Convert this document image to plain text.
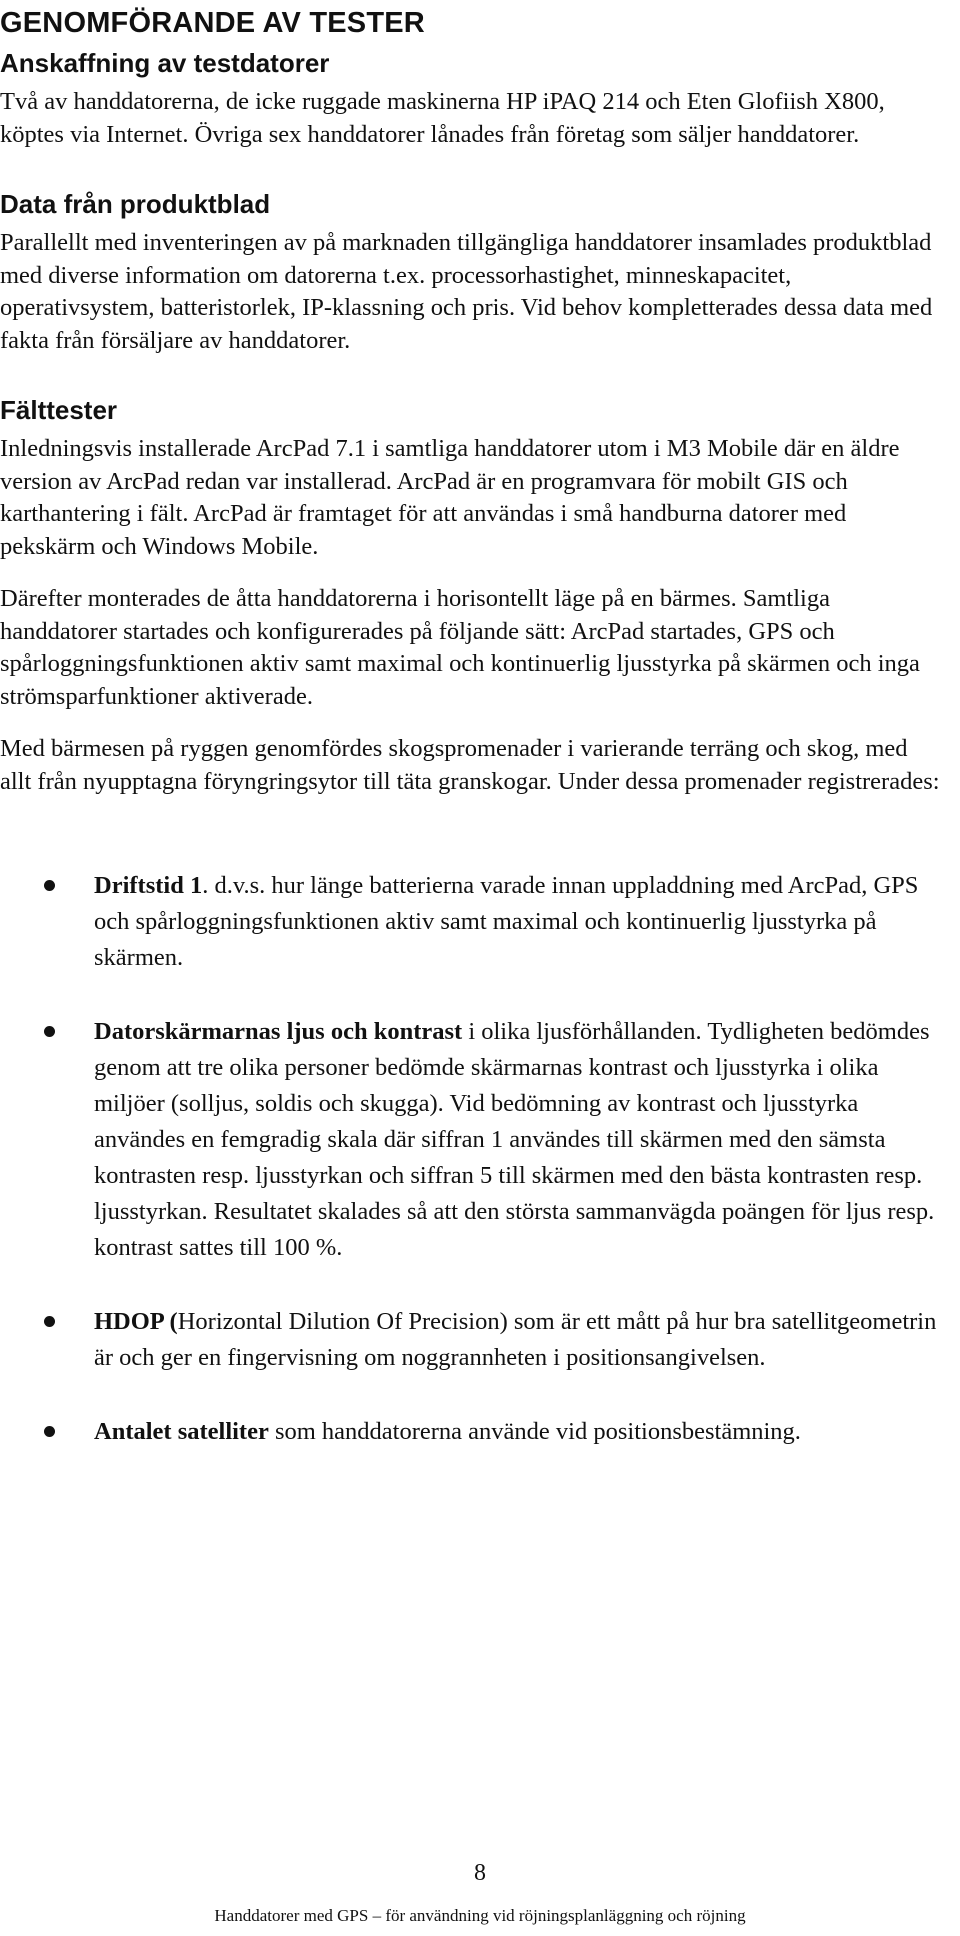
GENOMFÖRANDE AV TESTER
Anskaffning av testdatorer

Två av handdatorerna, de icke ruggade maskinerna HP iPAQ 214 och Eten Glofiish X800, köptes via Internet. Övriga sex handdatorer lånades från företag som säljer handdatorer.

Data från produktblad

Parallellt med inventeringen av på marknaden tillgängliga handdatorer insamlades produktblad med diverse information om datorerna t.ex. processorhastighet, minneskapacitet, operativsystem, batteristorlek, IP-klassning och pris. Vid behov kompletterades dessa data med fakta från försäljare av handdatorer.

Fälttester

Inledningsvis installerade ArcPad 7.1 i samtliga handdatorer utom i M3 Mobile där en äldre version av ArcPad redan var installerad. ArcPad är en programvara för mobilt GIS och karthantering i fält. ArcPad är framtaget för att användas i små handburna datorer med pekskärm och Windows Mobile.

Därefter monterades de åtta handdatorerna i horisontellt läge på en bärmes. Samtliga handdatorer startades och konfigurerades på följande sätt: ArcPad startades, GPS och spårloggningsfunktionen aktiv samt maximal och kontinuerlig ljusstyrka på skärmen och inga strömsparfunktioner aktiverade.

Med bärmesen på ryggen genomfördes skogspromenader i varierande terräng och skog, med allt från nyupptagna föryngringsytor till täta granskogar. Under dessa promenader registrerades:

Driftstid 1. d.v.s. hur länge batterierna varade innan uppladdning med ArcPad, GPS och spårloggningsfunktionen aktiv samt maximal och kontinuerlig ljusstyrka på skärmen.

Datorskärmarnas ljus och kontrast i olika ljusförhållanden. Tydligheten bedömdes genom att tre olika personer bedömde skärmarnas kontrast och ljusstyrka i olika miljöer (solljus, soldis och skugga). Vid bedömning av kontrast och ljusstyrka användes en femgradig skala där siffran 1 användes till skärmen med den sämsta kontrasten resp. ljusstyrkan och siffran 5 till skärmen med den bästa kontrasten resp. ljusstyrkan. Resultatet skalades så att den största sammanvägda poängen för ljus resp. kontrast sattes till 100 %.

HDOP (Horizontal Dilution Of Precision) som är ett mått på hur bra satellitgeometrin är och ger en fingervisning om noggrannheten i positionsangivelsen.

Antalet satelliter som handdatorerna använde vid positionsbestämning.

8
Handdatorer med GPS – för användning vid röjningsplanläggning och röjning
